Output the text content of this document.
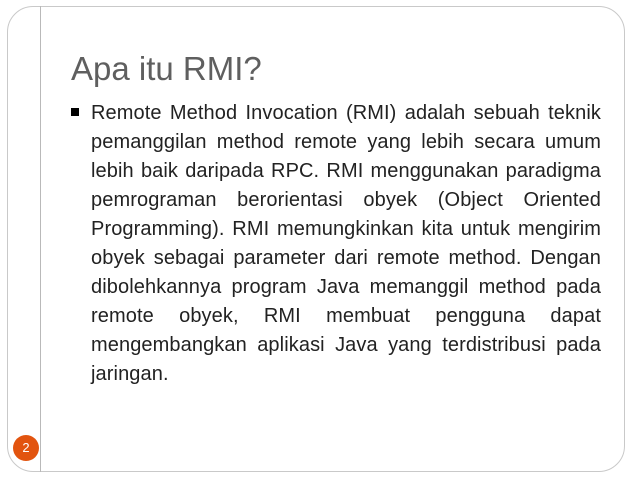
Apa itu RMI?

Remote Method Invocation (RMI) adalah sebuah teknik pemanggilan method remote yang lebih secara umum lebih baik daripada RPC. RMI menggunakan paradigma pemrograman berorientasi obyek (Object Oriented Programming). RMI memungkinkan kita untuk mengirim obyek sebagai parameter dari remote method. Dengan dibolehkannya program Java memanggil method pada remote obyek, RMI membuat pengguna dapat mengembangkan aplikasi Java yang terdistribusi pada jaringan.

2
